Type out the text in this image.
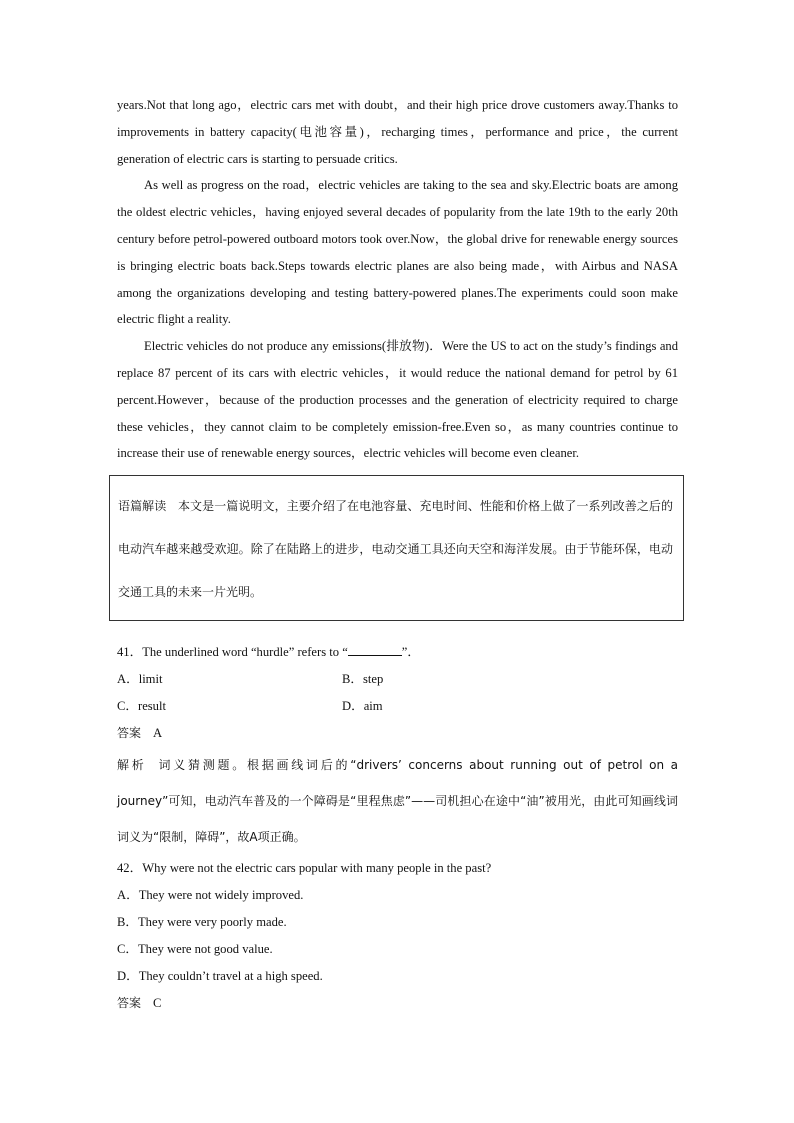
years.Not that long ago，electric cars met with doubt，and their high price drove customers away.Thanks to improvements in battery capacity(电池容量)，recharging times，performance and price，the current generation of electric cars is starting to persuade critics.

As well as progress on the road，electric vehicles are taking to the sea and sky.Electric boats are among the oldest electric vehicles，having enjoyed several decades of popularity from the late 19th to the early 20th century before petrol-powered outboard motors took over.Now，the global drive for renewable energy sources is bringing electric boats back.Steps towards electric planes are also being made，with Airbus and NASA among the organizations developing and testing battery-powered planes.The experiments could soon make electric flight a reality.

Electric vehicles do not produce any emissions(排放物)．Were the US to act on the study’s findings and replace 87 percent of its cars with electric vehicles，it would reduce the national demand for petrol by 61 percent.However，because of the production processes and the generation of electricity required to charge these vehicles，they cannot claim to be completely emission-free.Even so，as many countries continue to increase their use of renewable energy sources，electric vehicles will become even cleaner.

语篇解读 本文是一篇说明文，主要介绍了在电池容量、充电时间、性能和价格上做了一系列改善之后的电动汽车越来越受欢迎。除了在陆路上的进步，电动交通工具还向天空和海洋发展。由于节能环保，电动交通工具的未来一片光明。

41．The underlined word “hurdle” refers to “	”．

A．limit	B．step
C．result	D．aim

答案 A

解析 词义猜测题。根据画线词后的“drivers’ concerns about running out of petrol on a journey”可知，电动汽车普及的一个障碍是“里程焦虑”——司机担心在途中“油”被用光，由此可知画线词词义为“限制，障碍”，故A项正确。

42．Why were not the electric cars popular with many people in the past?

A．They were not widely improved.

B．They were very poorly made.

C．They were not good value.

D．They couldn’t travel at a high speed.

答案 C
